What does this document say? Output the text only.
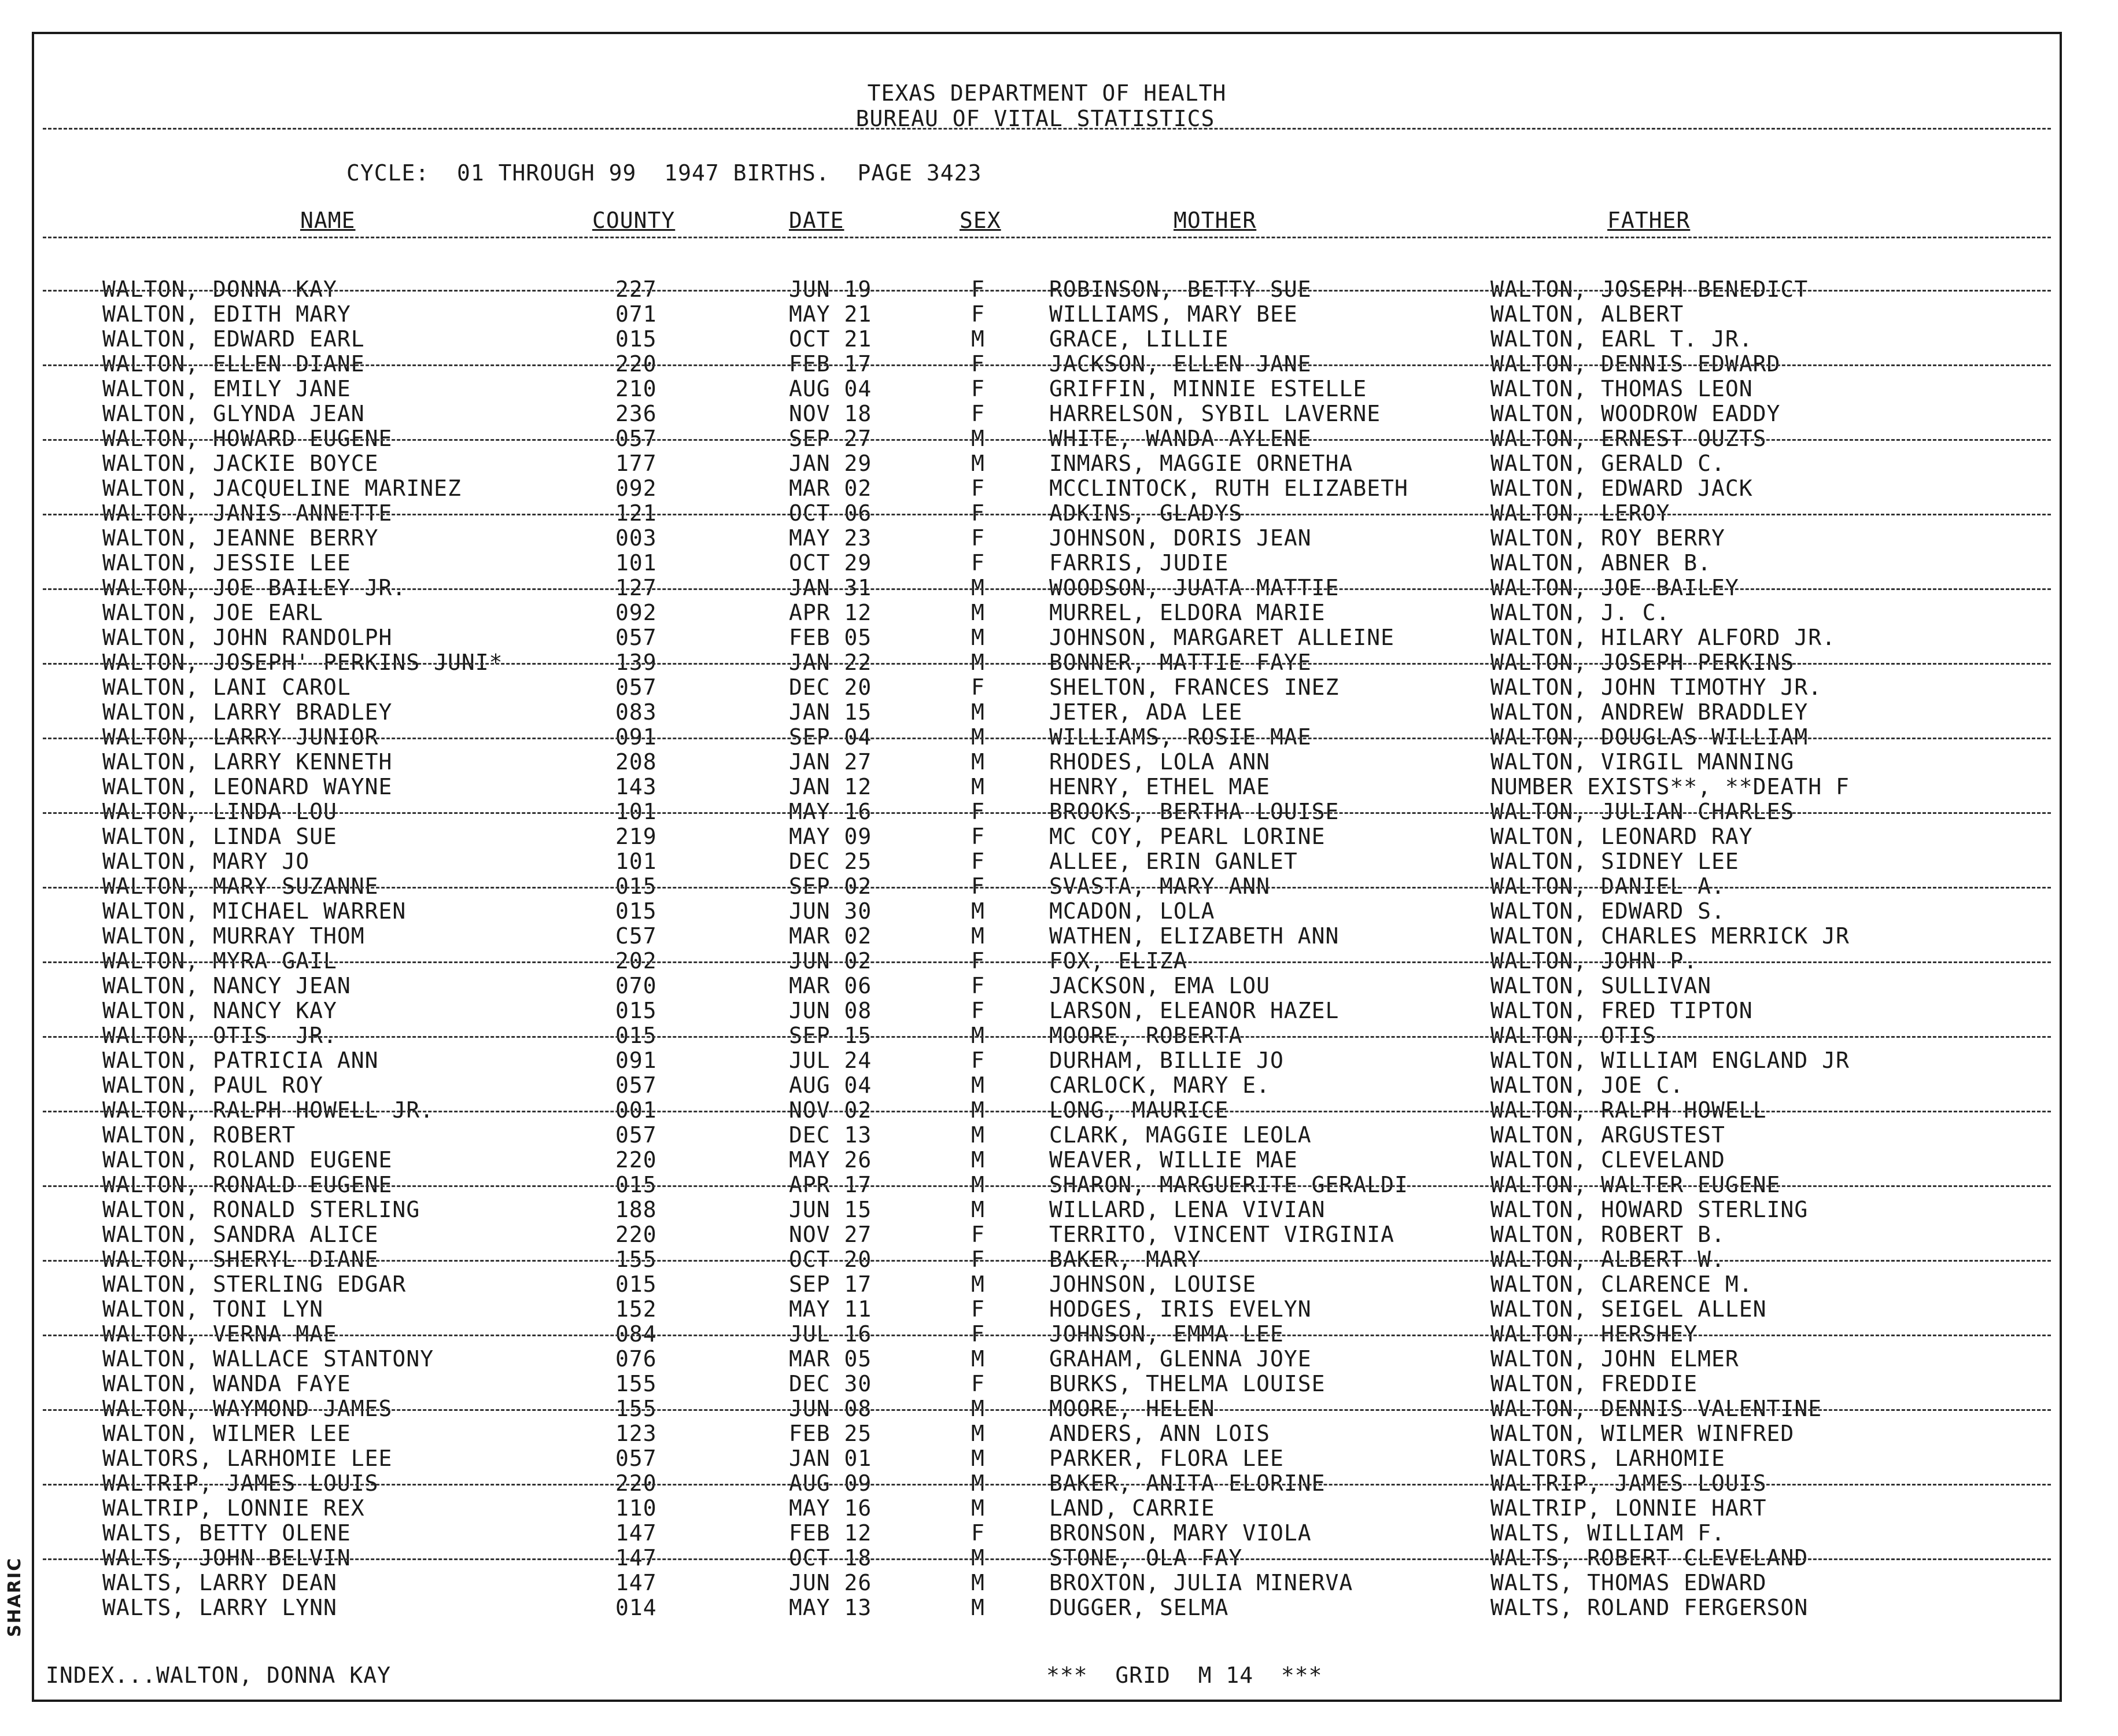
SHARIC
TEXAS DEPARTMENT OF HEALTH
BUREAU OF VITAL STATISTICS
CYCLE:  01 THROUGH 99  1947 BIRTHS.  PAGE 3423
NAME	COUNTY	DATE	SEX	MOTHER	FATHER
WALTON, DONNA KAY	227	JUN 19	F	ROBINSON, BETTY SUE	WALTON, JOSEPH BENEDICT
WALTON, EDITH MARY	071	MAY 21	F	WILLIAMS, MARY BEE	WALTON, ALBERT
WALTON, EDWARD EARL	015	OCT 21	M	GRACE, LILLIE	WALTON, EARL T. JR.
WALTON, ELLEN DIANE	220	FEB 17	F	JACKSON, ELLEN JANE	WALTON, DENNIS EDWARD
WALTON, EMILY JANE	210	AUG 04	F	GRIFFIN, MINNIE ESTELLE	WALTON, THOMAS LEON
WALTON, GLYNDA JEAN	236	NOV 18	F	HARRELSON, SYBIL LAVERNE	WALTON, WOODROW EADDY
WALTON, HOWARD EUGENE	057	SEP 27	M	WHITE, WANDA AYLENE	WALTON, ERNEST OUZTS
WALTON, JACKIE BOYCE	177	JAN 29	M	INMARS, MAGGIE ORNETHA	WALTON, GERALD C.
WALTON, JACQUELINE MARINEZ	092	MAR 02	F	MCCLINTOCK, RUTH ELIZABETH	WALTON, EDWARD JACK
WALTON, JANIS ANNETTE	121	OCT 06	F	ADKINS, GLADYS	WALTON, LEROY
WALTON, JEANNE BERRY	003	MAY 23	F	JOHNSON, DORIS JEAN	WALTON, ROY BERRY
WALTON, JESSIE LEE	101	OCT 29	F	FARRIS, JUDIE	WALTON, ABNER B.
WALTON, JOE BAILEY JR.	127	JAN 31	M	WOODSON, JUATA MATTIE	WALTON, JOE BAILEY
WALTON, JOE EARL	092	APR 12	M	MURREL, ELDORA MARIE	WALTON, J. C.
WALTON, JOHN RANDOLPH	057	FEB 05	M	JOHNSON, MARGARET ALLEINE	WALTON, HILARY ALFORD JR.
WALTON, JOSEPH' PERKINS JUNI*	139	JAN 22	M	BONNER, MATTIE FAYE	WALTON, JOSEPH PERKINS
WALTON, LANI CAROL	057	DEC 20	F	SHELTON, FRANCES INEZ	WALTON, JOHN TIMOTHY JR.
WALTON, LARRY BRADLEY	083	JAN 15	M	JETER, ADA LEE	WALTON, ANDREW BRADDLEY
WALTON, LARRY JUNIOR	091	SEP 04	M	WILLIAMS, ROSIE MAE	WALTON, DOUGLAS WILLIAM
WALTON, LARRY KENNETH	208	JAN 27	M	RHODES, LOLA ANN	WALTON, VIRGIL MANNING
WALTON, LEONARD WAYNE	143	JAN 12	M	HENRY, ETHEL MAE	NUMBER EXISTS**, **DEATH F
WALTON, LINDA LOU	101	MAY 16	F	BROOKS, BERTHA LOUISE	WALTON, JULIAN CHARLES
WALTON, LINDA SUE	219	MAY 09	F	MC COY, PEARL LORINE	WALTON, LEONARD RAY
WALTON, MARY JO	101	DEC 25	F	ALLEE, ERIN GANLET	WALTON, SIDNEY LEE
WALTON, MARY SUZANNE	015	SEP 02	F	SVASTA, MARY ANN	WALTON, DANIEL A.
WALTON, MICHAEL WARREN	015	JUN 30	M	MCADON, LOLA	WALTON, EDWARD S.
WALTON, MURRAY THOM	C57	MAR 02	M	WATHEN, ELIZABETH ANN	WALTON, CHARLES MERRICK JR
WALTON, MYRA GAIL	202	JUN 02	F	FOX, ELIZA	WALTON, JOHN P.
WALTON, NANCY JEAN	070	MAR 06	F	JACKSON, EMA LOU	WALTON, SULLIVAN
WALTON, NANCY KAY	015	JUN 08	F	LARSON, ELEANOR HAZEL	WALTON, FRED TIPTON
WALTON, OTIS  JR.	015	SEP 15	M	MOORE, ROBERTA	WALTON, OTIS
WALTON, PATRICIA ANN	091	JUL 24	F	DURHAM, BILLIE JO	WALTON, WILLIAM ENGLAND JR
WALTON, PAUL ROY	057	AUG 04	M	CARLOCK, MARY E.	WALTON, JOE C.
WALTON, RALPH HOWELL JR.	001	NOV 02	M	LONG, MAURICE	WALTON, RALPH HOWELL
WALTON, ROBERT	057	DEC 13	M	CLARK, MAGGIE LEOLA	WALTON, ARGUSTEST
WALTON, ROLAND EUGENE	220	MAY 26	M	WEAVER, WILLIE MAE	WALTON, CLEVELAND
WALTON, RONALD EUGENE	015	APR 17	M	SHARON, MARGUERITE GERALDI	WALTON, WALTER EUGENE
WALTON, RONALD STERLING	188	JUN 15	M	WILLARD, LENA VIVIAN	WALTON, HOWARD STERLING
WALTON, SANDRA ALICE	220	NOV 27	F	TERRITO, VINCENT VIRGINIA	WALTON, ROBERT B.
WALTON, SHERYL DIANE	155	OCT 20	F	BAKER, MARY	WALTON, ALBERT W.
WALTON, STERLING EDGAR	015	SEP 17	M	JOHNSON, LOUISE	WALTON, CLARENCE M.
WALTON, TONI LYN	152	MAY 11	F	HODGES, IRIS EVELYN	WALTON, SEIGEL ALLEN
WALTON, VERNA MAE	084	JUL 16	F	JOHNSON, EMMA LEE	WALTON, HERSHEY
WALTON, WALLACE STANTONY	076	MAR 05	M	GRAHAM, GLENNA JOYE	WALTON, JOHN ELMER
WALTON, WANDA FAYE	155	DEC 30	F	BURKS, THELMA LOUISE	WALTON, FREDDIE
WALTON, WAYMOND JAMES	155	JUN 08	M	MOORE, HELEN	WALTON, DENNIS VALENTINE
WALTON, WILMER LEE	123	FEB 25	M	ANDERS, ANN LOIS	WALTON, WILMER WINFRED
WALTORS, LARHOMIE LEE	057	JAN 01	M	PARKER, FLORA LEE	WALTORS, LARHOMIE
WALTRIP, JAMES LOUIS	220	AUG 09	M	BAKER, ANITA ELORINE	WALTRIP, JAMES LOUIS
WALTRIP, LONNIE REX	110	MAY 16	M	LAND, CARRIE	WALTRIP, LONNIE HART
WALTS, BETTY OLENE	147	FEB 12	F	BRONSON, MARY VIOLA	WALTS, WILLIAM F.
WALTS, JOHN BELVIN	147	OCT 18	M	STONE, OLA FAY	WALTS, ROBERT CLEVELAND
WALTS, LARRY DEAN	147	JUN 26	M	BROXTON, JULIA MINERVA	WALTS, THOMAS EDWARD
WALTS, LARRY LYNN	014	MAY 13	M	DUGGER, SELMA	WALTS, ROLAND FERGERSON
INDEX...WALTON, DONNA KAY	***  GRID  M 14  ***
